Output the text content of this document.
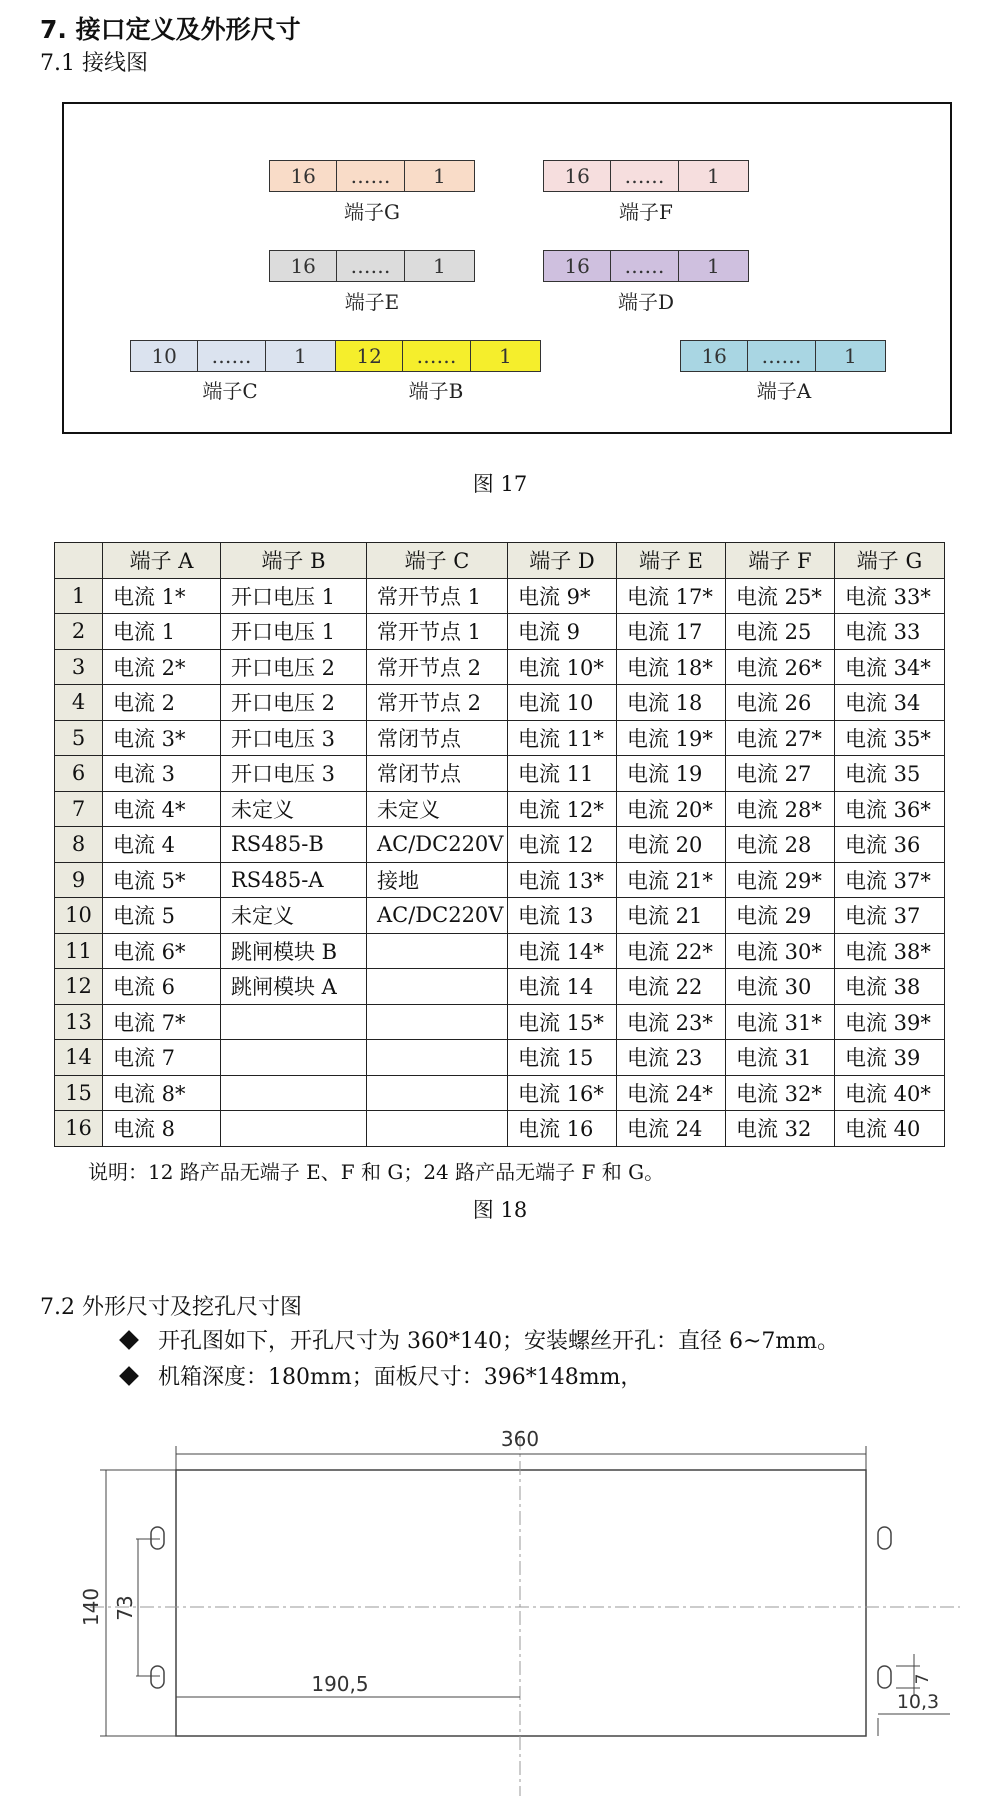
7. 接口定义及外形尺寸
7.1 接线图
16	……	1
端子G
16	……	1
端子F
16	……	1
端子E
16	……	1
端子D
10	……	1
端子C
12	……	1
端子B
16	……	1
端子A
图 17
	端子 A	端子 B	端子 C	端子 D	端子 E	端子 F	端子 G
1	电流 1*	开口电压 1	常开节点 1	电流 9*	电流 17*	电流 25*	电流 33*
2	电流 1	开口电压 1	常开节点 1	电流 9	电流 17	电流 25	电流 33
3	电流 2*	开口电压 2	常开节点 2	电流 10*	电流 18*	电流 26*	电流 34*
4	电流 2	开口电压 2	常开节点 2	电流 10	电流 18	电流 26	电流 34
5	电流 3*	开口电压 3	常闭节点	电流 11*	电流 19*	电流 27*	电流 35*
6	电流 3	开口电压 3	常闭节点	电流 11	电流 19	电流 27	电流 35
7	电流 4*	未定义	未定义	电流 12*	电流 20*	电流 28*	电流 36*
8	电流 4	RS485-B	AC/DC220V	电流 12	电流 20	电流 28	电流 36
9	电流 5*	RS485-A	接地	电流 13*	电流 21*	电流 29*	电流 37*
10	电流 5	未定义	AC/DC220V	电流 13	电流 21	电流 29	电流 37
11	电流 6*	跳闸模块 B		电流 14*	电流 22*	电流 30*	电流 38*
12	电流 6	跳闸模块 A		电流 14	电流 22	电流 30	电流 38
13	电流 7*			电流 15*	电流 23*	电流 31*	电流 39*
14	电流 7			电流 15	电流 23	电流 31	电流 39
15	电流 8*			电流 16*	电流 24*	电流 32*	电流 40*
16	电流 8			电流 16	电流 24	电流 32	电流 40
说明：12 路产品无端子 E、F 和 G；24 路产品无端子 F 和 G。
图 18
7.2 外形尺寸及挖孔尺寸图
开孔图如下，开孔尺寸为 360*140；安装螺丝开孔：直径 6~7mm。
机箱深度：180mm；面板尺寸：396*148mm，
360
140 73
190,5
10,3
7
